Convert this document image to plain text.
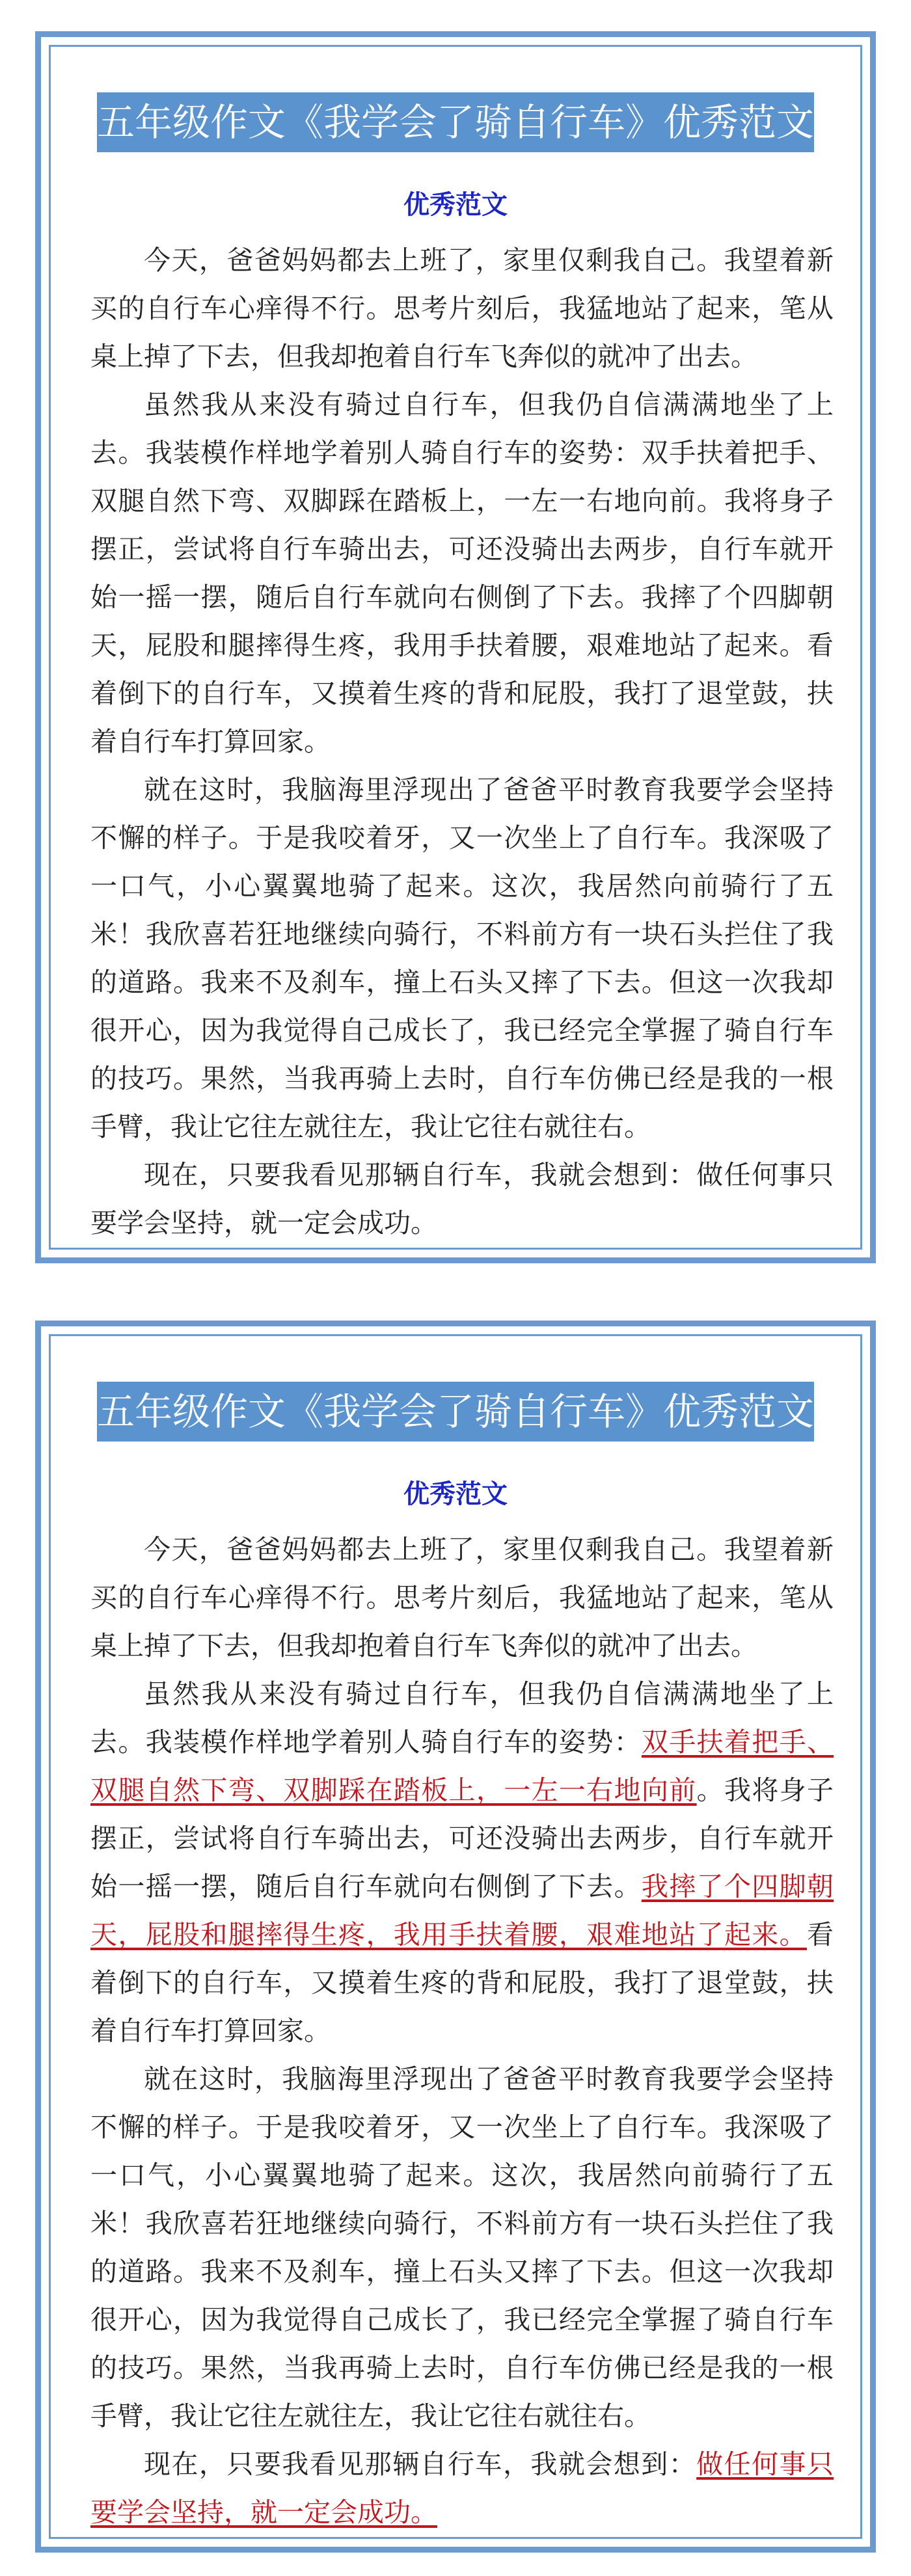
五年级作文《我学会了骑自行车》优秀范文
优秀范文

今天，爸爸妈妈都去上班了，家里仅剩我自己。我望着新买的自行车心痒得不行。思考片刻后，我猛地站了起来，笔从桌上掉了下去，但我却抱着自行车飞奔似的就冲了出去。

虽然我从来没有骑过自行车，但我仍自信满满地坐了上去。我装模作样地学着别人骑自行车的姿势：双手扶着把手、双腿自然下弯、双脚踩在踏板上，一左一右地向前。我将身子摆正，尝试将自行车骑出去，可还没骑出去两步，自行车就开始一摇一摆，随后自行车就向右侧倒了下去。我摔了个四脚朝天，屁股和腿摔得生疼，我用手扶着腰，艰难地站了起来。看着倒下的自行车，又摸着生疼的背和屁股，我打了退堂鼓，扶着自行车打算回家。

就在这时，我脑海里浮现出了爸爸平时教育我要学会坚持不懈的样子。于是我咬着牙，又一次坐上了自行车。我深吸了一口气，小心翼翼地骑了起来。这次，我居然向前骑行了五米！我欣喜若狂地继续向骑行，不料前方有一块石头拦住了我的道路。我来不及刹车，撞上石头又摔了下去。但这一次我却很开心，因为我觉得自己成长了，我已经完全掌握了骑自行车的技巧。果然，当我再骑上去时，自行车仿佛已经是我的一根手臂，我让它往左就往左，我让它往右就往右。

现在，只要我看见那辆自行车，我就会想到：做任何事只要学会坚持，就一定会成功。

五年级作文《我学会了骑自行车》优秀范文
优秀范文

今天，爸爸妈妈都去上班了，家里仅剩我自己。我望着新买的自行车心痒得不行。思考片刻后，我猛地站了起来，笔从桌上掉了下去，但我却抱着自行车飞奔似的就冲了出去。

虽然我从来没有骑过自行车，但我仍自信满满地坐了上去。我装模作样地学着别人骑自行车的姿势：双手扶着把手、双腿自然下弯、双脚踩在踏板上，一左一右地向前。我将身子摆正，尝试将自行车骑出去，可还没骑出去两步，自行车就开始一摇一摆，随后自行车就向右侧倒了下去。我摔了个四脚朝天，屁股和腿摔得生疼，我用手扶着腰，艰难地站了起来。看着倒下的自行车，又摸着生疼的背和屁股，我打了退堂鼓，扶着自行车打算回家。

就在这时，我脑海里浮现出了爸爸平时教育我要学会坚持不懈的样子。于是我咬着牙，又一次坐上了自行车。我深吸了一口气，小心翼翼地骑了起来。这次，我居然向前骑行了五米！我欣喜若狂地继续向骑行，不料前方有一块石头拦住了我的道路。我来不及刹车，撞上石头又摔了下去。但这一次我却很开心，因为我觉得自己成长了，我已经完全掌握了骑自行车的技巧。果然，当我再骑上去时，自行车仿佛已经是我的一根手臂，我让它往左就往左，我让它往右就往右。

现在，只要我看见那辆自行车，我就会想到：做任何事只要学会坚持，就一定会成功。
